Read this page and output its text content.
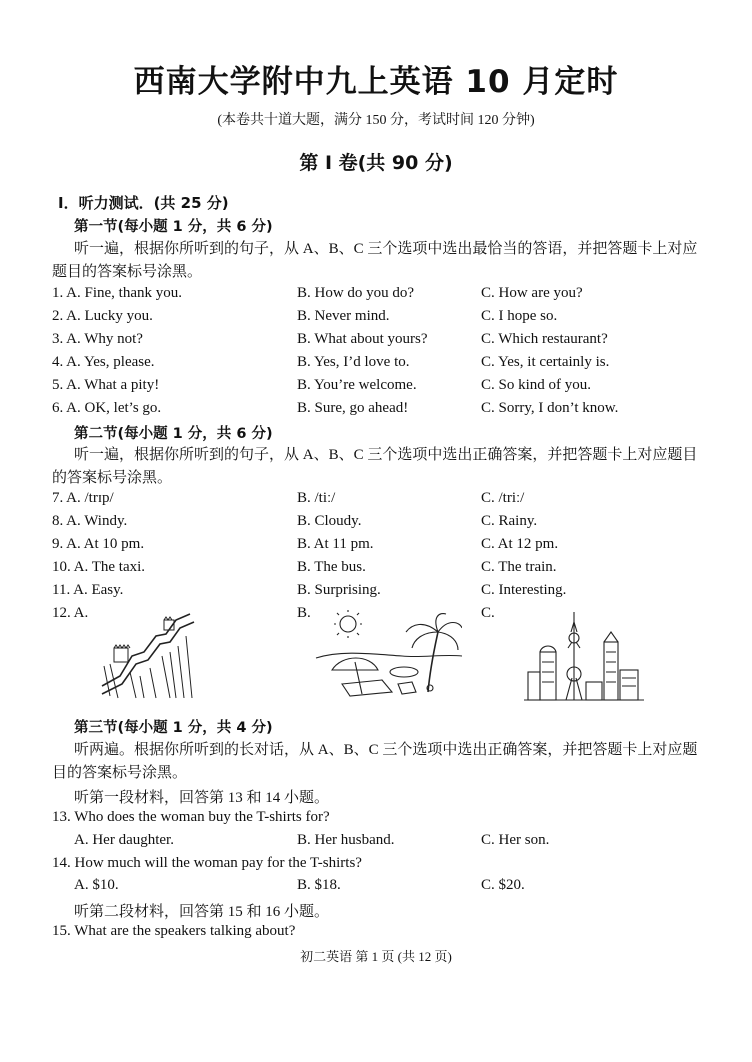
西南大学附中九上英语 10 月定时
(本卷共十道大题，满分 150 分，考试时间 120 分钟)
第 I 卷(共 90 分)
I．听力测试．(共 25 分)
第一节(每小题 1 分，共 6 分)
听一遍，根据你所听到的句子，从 A、B、C 三个选项中选出最恰当的答语，并把答题卡上对应题目的答案标号涂黑。
1. A. Fine, thank you.	B. How do you do?	C. How are you?
2. A. Lucky you.	B. Never mind.	C. I hope so.
3. A. Why not?	B. What about yours?	C. Which restaurant?
4. A. Yes, please.	B. Yes, I’d love to.	C. Yes, it certainly is.
5. A. What a pity!	B. You’re welcome.	C. So kind of you.
6. A. OK, let’s go.	B. Sure, go ahead!	C. Sorry, I don’t know.
第二节(每小题 1 分，共 6 分)
听一遍，根据你所听到的句子，从 A、B、C 三个选项中选出正确答案，并把答题卡上对应题目的答案标号涂黑。
7. A. /trɪp/	B. /tiː/	C. /triː/
8. A. Windy.	B. Cloudy.	C. Rainy.
9. A. At 10 pm.	B. At 11 pm.	C. At 12 pm.
10. A. The taxi.	B. The bus.	C. The train.
11. A. Easy.	B. Surprising.	C. Interesting.
12. A.	B.	C.
第三节(每小题 1 分，共 4 分)
听两遍。根据你所听到的长对话，从 A、B、C 三个选项中选出正确答案，并把答题卡上对应题目的答案标号涂黑。
听第一段材料，回答第 13 和 14 小题。
13. Who does the woman buy the T-shirts for?
A. Her daughter.	B. Her husband.	C. Her son.
14. How much will the woman pay for the T-shirts?
A. $10.	B. $18.	C. $20.
听第二段材料，回答第 15 和 16 小题。
15. What are the speakers talking about?
初二英语 第 1 页 (共 12 页)
